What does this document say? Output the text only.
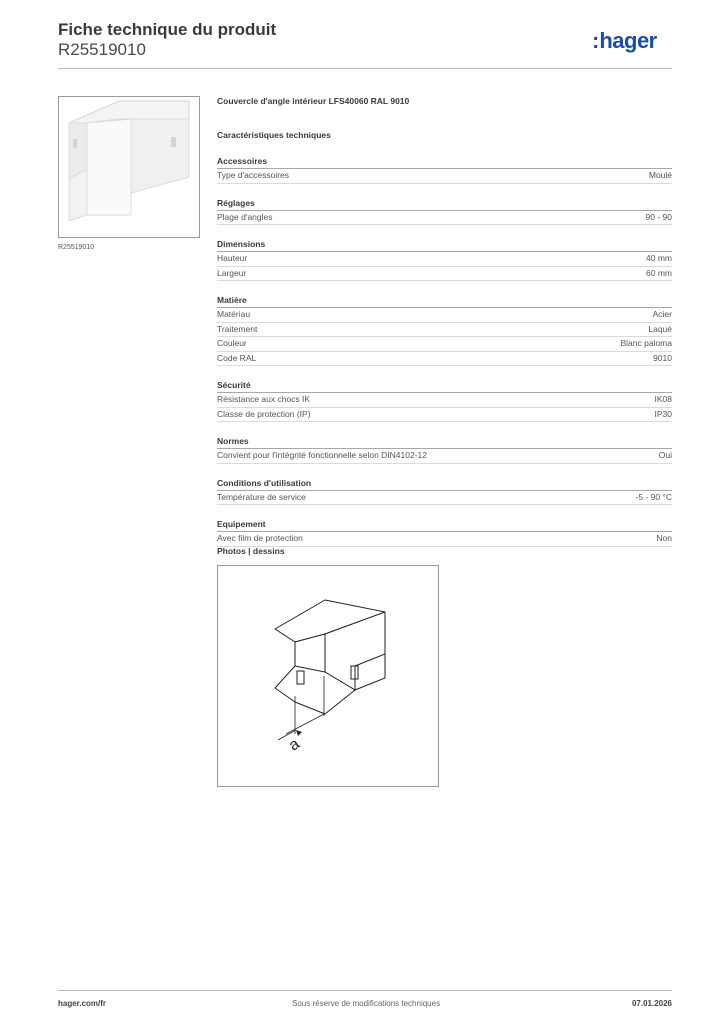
Fiche technique du produit
R25519010	:hager
R25519010
Couvercle d'angle intérieur LFS40060 RAL 9010
Caractéristiques techniques
Accessoires
Type d'accessoires	Moulé
Réglages
Plage d'angles	90 - 90
Dimensions
Hauteur	40 mm
Largeur	60 mm
Matière
Matériau	Acier
Traitement	Laqué
Couleur	Blanc paloma
Code RAL	9010
Sécurité
Résistance aux chocs IK	IK08
Classe de protection (IP)	IP30
Normes
Convient pour l'intégrité fonctionnelle selon DIN4102-12	Oui
Conditions d'utilisation
Température de service	-5 - 90 °C
Equipement
Avec film de protection	Non
Photos | dessins
a
hager.com/fr	Sous réserve de modifications techniques	07.01.2026
